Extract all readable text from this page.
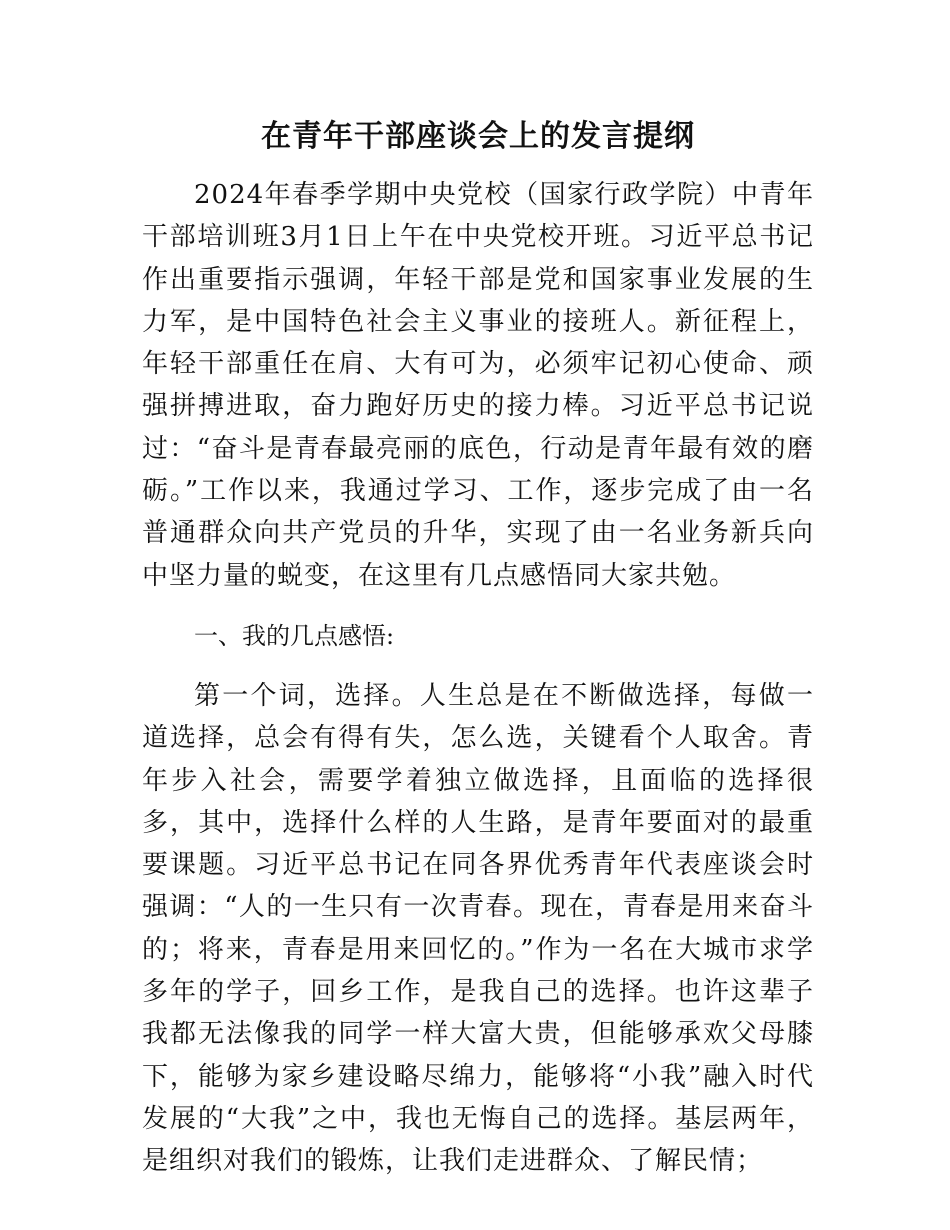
在青年干部座谈会上的发言提纲

2024年春季学期中央党校（国家行政学院）中青年干部培训班3月1日上午在中央党校开班。习近平总书记作出重要指示强调，年轻干部是党和国家事业发展的生力军，是中国特色社会主义事业的接班人。新征程上，年轻干部重任在肩、大有可为，必须牢记初心使命、顽强拼搏进取，奋力跑好历史的接力棒。习近平总书记说过：“奋斗是青春最亮丽的底色，行动是青年最有效的磨砺。”工作以来，我通过学习、工作，逐步完成了由一名普通群众向共产党员的升华，实现了由一名业务新兵向中坚力量的蜕变，在这里有几点感悟同大家共勉。

一、我的几点感悟:

第一个词，选择。人生总是在不断做选择，每做一道选择，总会有得有失，怎么选，关键看个人取舍。青年步入社会，需要学着独立做选择，且面临的选择很多，其中，选择什么样的人生路，是青年要面对的最重要课题。习近平总书记在同各界优秀青年代表座谈会时强调：“人的一生只有一次青春。现在，青春是用来奋斗的；将来，青春是用来回忆的。”作为一名在大城市求学多年的学子，回乡工作，是我自己的选择。也许这辈子我都无法像我的同学一样大富大贵，但能够承欢父母膝下，能够为家乡建设略尽绵力，能够将“小我”融入时代发展的“大我”之中，我也无悔自己的选择。基层两年，是组织对我们的锻炼，让我们走进群众、了解民情；
